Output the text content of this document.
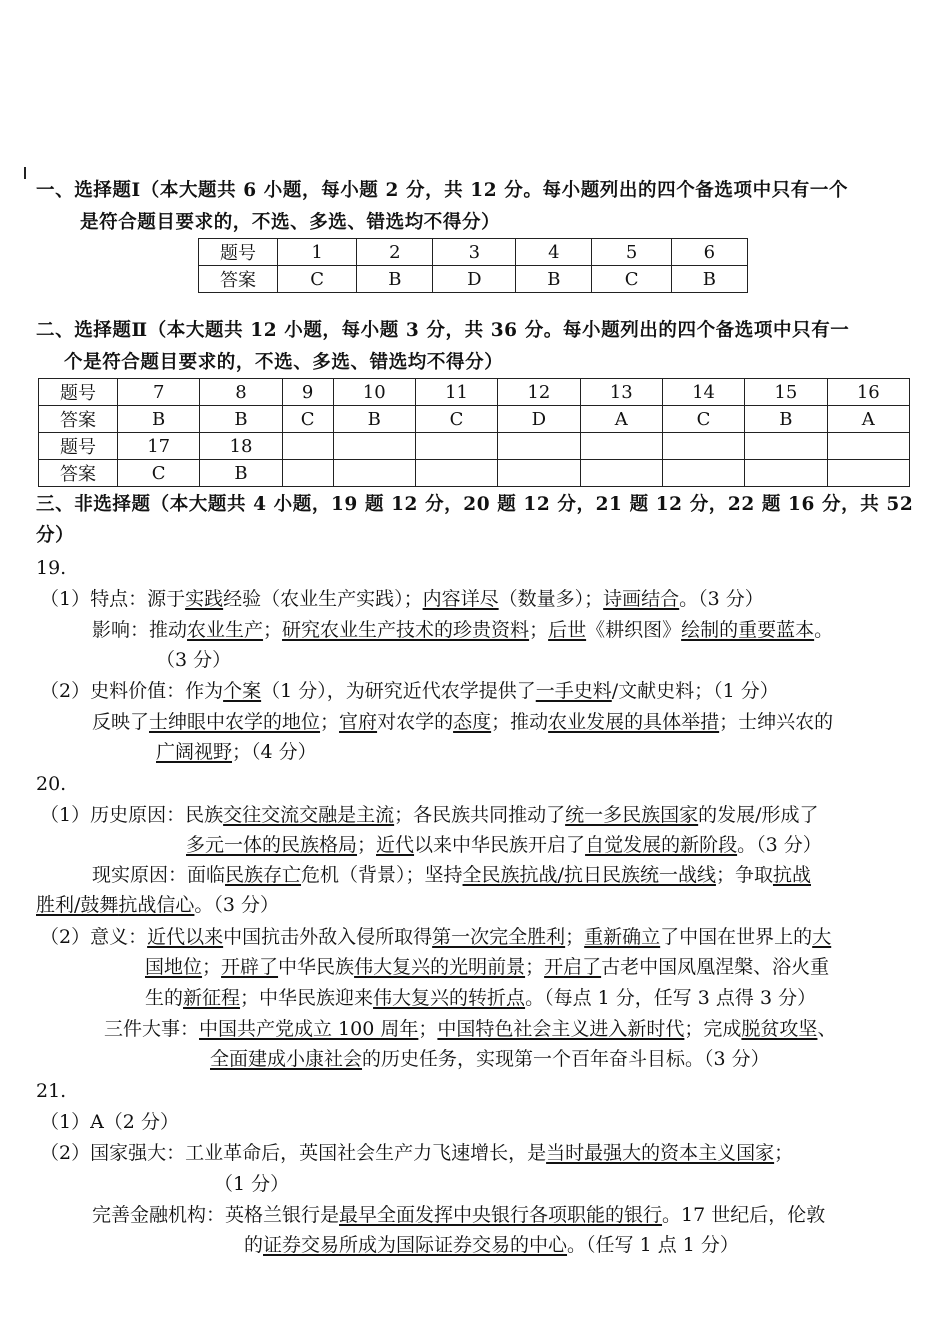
一、选择题Ⅰ（本大题共 6 小题，每小题 2 分，共 12 分。每小题列出的四个备选项中只有一个
是符合题目要求的，不选、多选、错选均不得分）
题号	1	2	3	4	5	6
答案	C	B	D	B	C	B
二、选择题Ⅱ（本大题共 12 小题，每小题 3 分，共 36 分。每小题列出的四个备选项中只有一
个是符合题目要求的，不选、多选、错选均不得分）
题号	7	8	9	10	11	12	13	14	15	16
答案	B	B	C	B	C	D	A	C	B	A
题号	17	18								
答案	C	B								
三、非选择题（本大题共 4 小题，19 题 12 分，20 题 12 分，21 题 12 分，22 题 16 分，共 52
分）
19.
（1）特点：源于实践经验（农业生产实践）；内容详尽（数量多）；诗画结合。（3 分）
影响：推动农业生产；研究农业生产技术的珍贵资料；后世《耕织图》绘制的重要蓝本。
（3 分）
（2）史料价值：作为个案（1 分），为研究近代农学提供了一手史料/文献史料；（1 分）
反映了士绅眼中农学的地位；官府对农学的态度；推动农业发展的具体举措；士绅兴农的
广阔视野；（4 分）
20.
（1）历史原因：民族交往交流交融是主流；各民族共同推动了统一多民族国家的发展/形成了
多元一体的民族格局；近代以来中华民族开启了自觉发展的新阶段。（3 分）
现实原因：面临民族存亡危机（背景）；坚持全民族抗战/抗日民族统一战线；争取抗战
胜利/鼓舞抗战信心。（3 分）
（2）意义：近代以来中国抗击外敌入侵所取得第一次完全胜利；重新确立了中国在世界上的大
国地位；开辟了中华民族伟大复兴的光明前景；开启了古老中国凤凰涅槃、浴火重
生的新征程；中华民族迎来伟大复兴的转折点。（每点 1 分，任写 3 点得 3 分）
三件大事：中国共产党成立 100 周年；中国特色社会主义进入新时代；完成脱贫攻坚、
全面建成小康社会的历史任务，实现第一个百年奋斗目标。（3 分）
21.
（1）A（2 分）
（2）国家强大：工业革命后，英国社会生产力飞速增长，是当时最强大的资本主义国家；
（1 分）
完善金融机构：英格兰银行是最早全面发挥中央银行各项职能的银行。17 世纪后，伦敦
的证券交易所成为国际证券交易的中心。（任写 1 点 1 分）
